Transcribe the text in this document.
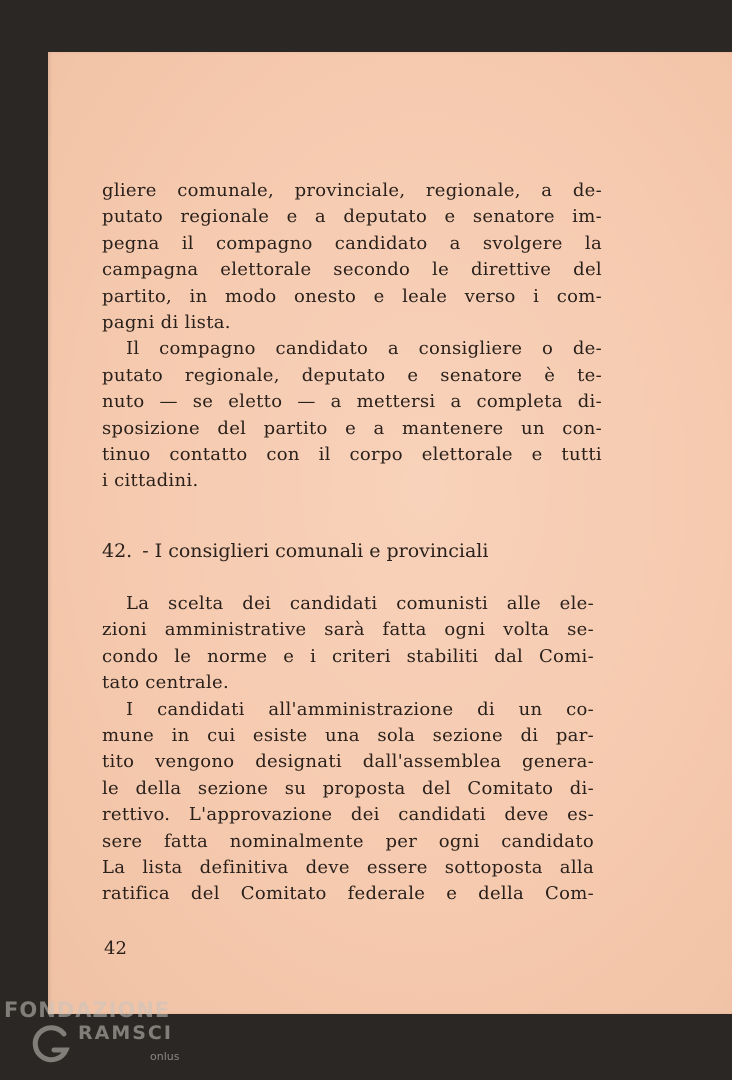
gliere comunale, provinciale, regionale, a de-
putato regionale e a deputato e senatore im-
pegna il compagno candidato a svolgere la
campagna elettorale secondo le direttive del
partito, in modo onesto e leale verso i com-
pagni di lista.
Il compagno candidato a consigliere o de-
putato regionale, deputato e senatore è te-
nuto — se eletto — a mettersi a completa di-
sposizione del partito e a mantenere un con-
tinuo contatto con il corpo elettorale e tutti
i cittadini.
42. - I consiglieri comunali e provinciali
La scelta dei candidati comunisti alle ele-
zioni amministrative sarà fatta ogni volta se-
condo le norme e i criteri stabiliti dal Comi-
tato centrale.
I candidati all'amministrazione di un co-
mune in cui esiste una sola sezione di par-
tito vengono designati dall'assemblea genera-
le della sezione su proposta del Comitato di-
rettivo. L'approvazione dei candidati deve es-
sere fatta nominalmente per ogni candidato
La lista definitiva deve essere sottoposta alla
ratifica del Comitato federale e della Com-
42
FONDAZIONE
RAMSCI
onlus
